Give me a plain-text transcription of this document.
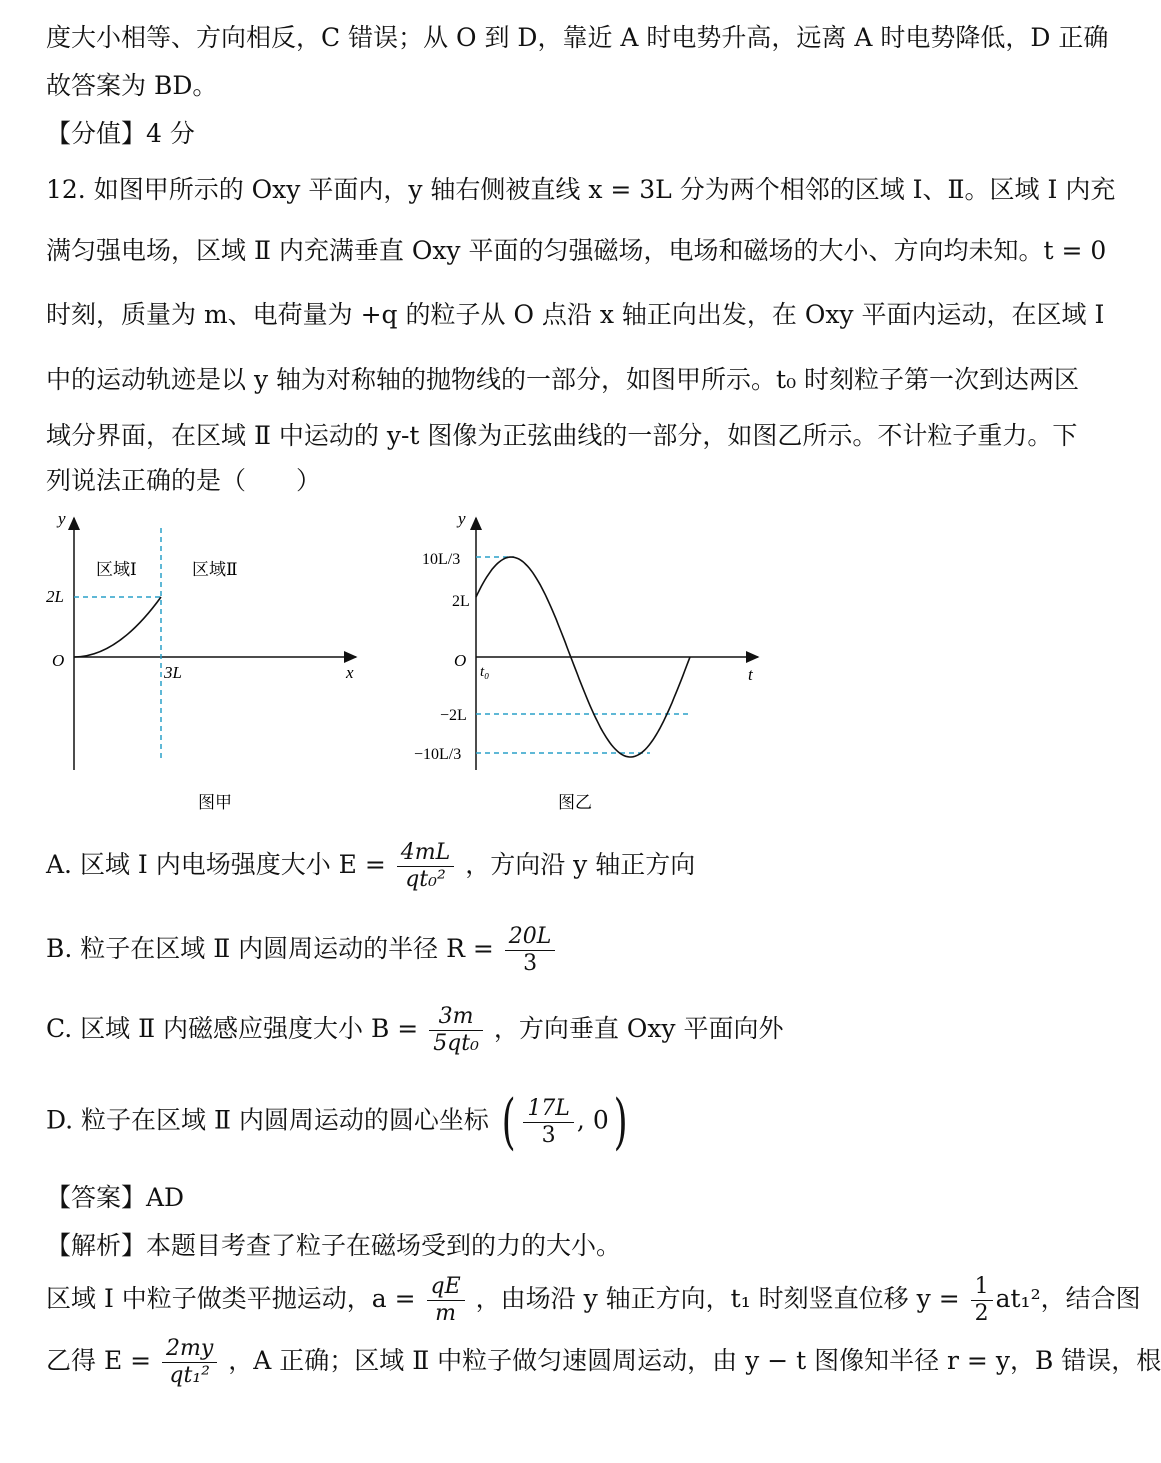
度大小相等、方向相反，C 错误；从 O 到 D，靠近 A 时电势升高，远离 A 时电势降低，D 正确
故答案为 BD。
【分值】4 分
12. 如图甲所示的 Oxy 平面内，y 轴右侧被直线 x = 3L 分为两个相邻的区域 Ⅰ、Ⅱ。区域 Ⅰ 内充
满匀强电场，区域 Ⅱ 内充满垂直 Oxy 平面的匀强磁场，电场和磁场的大小、方向均未知。t = 0
时刻，质量为 m、电荷量为 +q 的粒子从 O 点沿 x 轴正向出发，在 Oxy 平面内运动，在区域 Ⅰ
中的运动轨迹是以 y 轴为对称轴的抛物线的一部分，如图甲所示。t₀ 时刻粒子第一次到达两区
域分界面，在区域 Ⅱ 中运动的 y-t 图像为正弦曲线的一部分，如图乙所示。不计粒子重力。下
列说法正确的是（　　）
y
x
O
区域Ⅰ	区域Ⅱ
2L
3L
图甲
y
t
O
t₀
10L/3
2L
−2L
−10L/3
图乙
A. 区域 Ⅰ 内电场强度大小 $E = \frac{4mL}{\text{qt₀²}}$ ，方向沿 y 轴正方向
B. 粒子在区域 Ⅱ 内圆周运动的半径 $R = \frac{20L}{3}$
C. 区域 Ⅱ 内磁感应强度大小 $B = \frac{3m}{\text{5qt₀}}$ ，方向垂直 Oxy 平面向外
D. 粒子在区域 Ⅱ 内圆周运动的圆心坐标 ( $\frac{17L}{3}$ , 0)
【答案】AD
【解析】本题目考查了粒子在磁场受到的力的大小。
区域 Ⅰ 中粒子做类平抛运动，$a = \frac{qE}{m}$ ，由场沿 y 轴正方向，t₁ 时刻竖直位移 $y = \frac{1}{2} at_1^2$，结合图
乙得 $E = \frac{2my}{\text{qt₁²}}$ ，A 正确；区域 Ⅱ 中粒子做匀速圆周运动，由 y − t 图像知半径 r = y，B 错误，根
